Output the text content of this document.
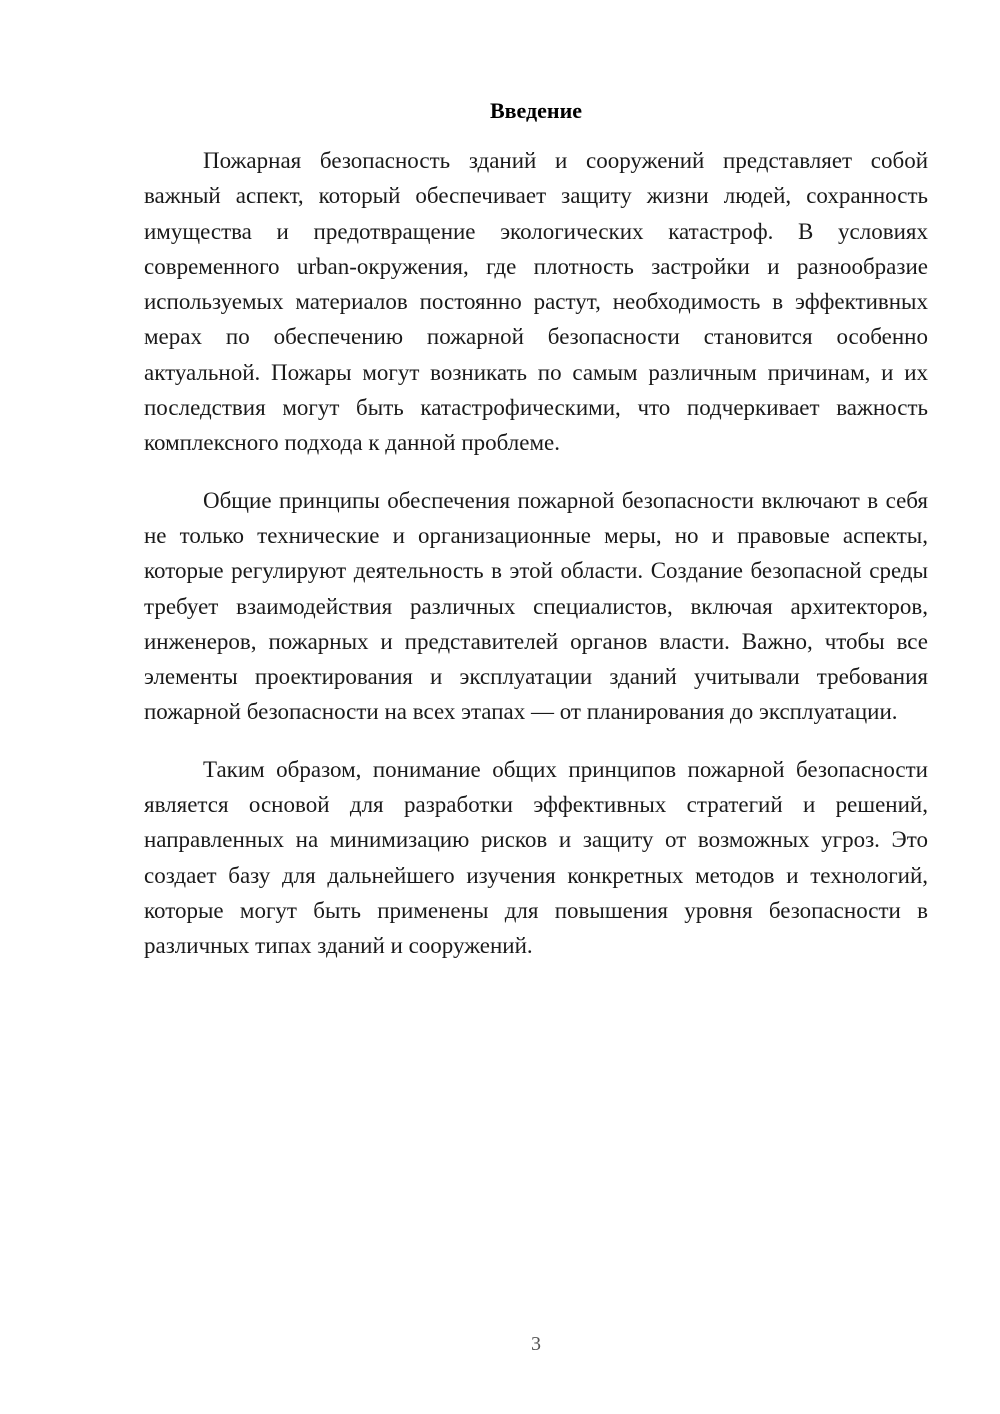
Введение

Пожарная безопасность зданий и сооружений представляет собой важный аспект, который обеспечивает защиту жизни людей, сохранность имущества и предотвращение экологических катастроф. В условиях современного urban-окружения, где плотность застройки и разнообразие используемых материалов постоянно растут, необходимость в эффективных мерах по обеспечению пожарной безопасности становится особенно актуальной. Пожары могут возникать по самым различным причинам, и их последствия могут быть катастрофическими, что подчеркивает важность комплексного подхода к данной проблеме.

Общие принципы обеспечения пожарной безопасности включают в себя не только технические и организационные меры, но и правовые аспекты, которые регулируют деятельность в этой области. Создание безопасной среды требует взаимодействия различных специалистов, включая архитекторов, инженеров, пожарных и представителей органов власти. Важно, чтобы все элементы проектирования и эксплуатации зданий учитывали требования пожарной безопасности на всех этапах — от планирования до эксплуатации.

Таким образом, понимание общих принципов пожарной безопасности является основой для разработки эффективных стратегий и решений, направленных на минимизацию рисков и защиту от возможных угроз. Это создает базу для дальнейшего изучения конкретных методов и технологий, которые могут быть применены для повышения уровня безопасности в различных типах зданий и сооружений.

3
